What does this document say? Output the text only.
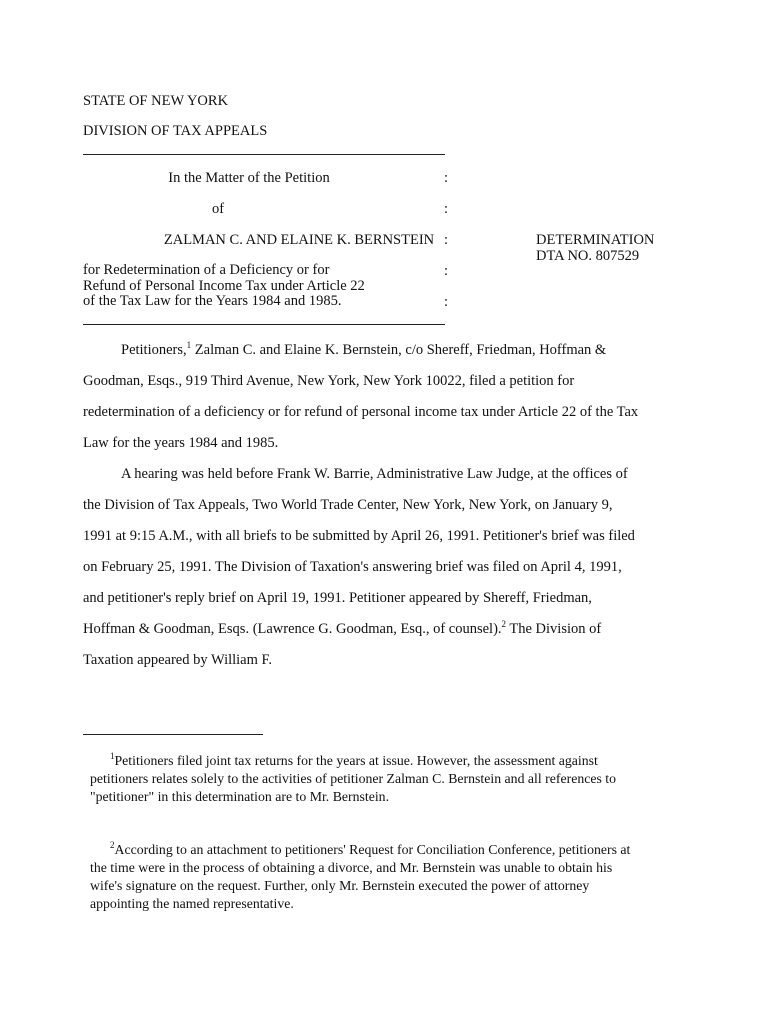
STATE OF NEW YORK
DIVISION OF TAX APPEALS
In the Matter of the Petition
of
ZALMAN C. AND ELAINE K. BERNSTEIN
for Redetermination of a Deficiency or for
Refund of Personal Income Tax under Article 22
of the Tax Law for the Years 1984 and 1985.
:
:
:
:
:
DETERMINATION
DTA NO. 807529
Petitioners,$^1$ Zalman C. and Elaine K. Bernstein, c/o Shereff, Friedman, Hoffman &
Goodman, Esqs., 919 Third Avenue, New York, New York 10022, filed a petition for
redetermination of a deficiency or for refund of personal income tax under Article 22 of the Tax
Law for the years 1984 and 1985.
A hearing was held before Frank W. Barrie, Administrative Law Judge, at the offices of
the Division of Tax Appeals, Two World Trade Center, New York, New York, on January 9,
1991 at 9:15 A.M., with all briefs to be submitted by April 26, 1991. Petitioner's brief was filed
on February 25, 1991. The Division of Taxation's answering brief was filed on April 4, 1991,
and petitioner's reply brief on April 19, 1991. Petitioner appeared by Shereff, Friedman,
Hoffman & Goodman, Esqs. (Lawrence G. Goodman, Esq., of counsel).$^2$ The Division of
Taxation appeared by William F.
$^1$Petitioners filed joint tax returns for the years at issue. However, the assessment against
petitioners relates solely to the activities of petitioner Zalman C. Bernstein and all references to
"petitioner" in this determination are to Mr. Bernstein.
$^2$According to an attachment to petitioners' Request for Conciliation Conference, petitioners at
the time were in the process of obtaining a divorce, and Mr. Bernstein was unable to obtain his
wife's signature on the request. Further, only Mr. Bernstein executed the power of attorney
appointing the named representative.
